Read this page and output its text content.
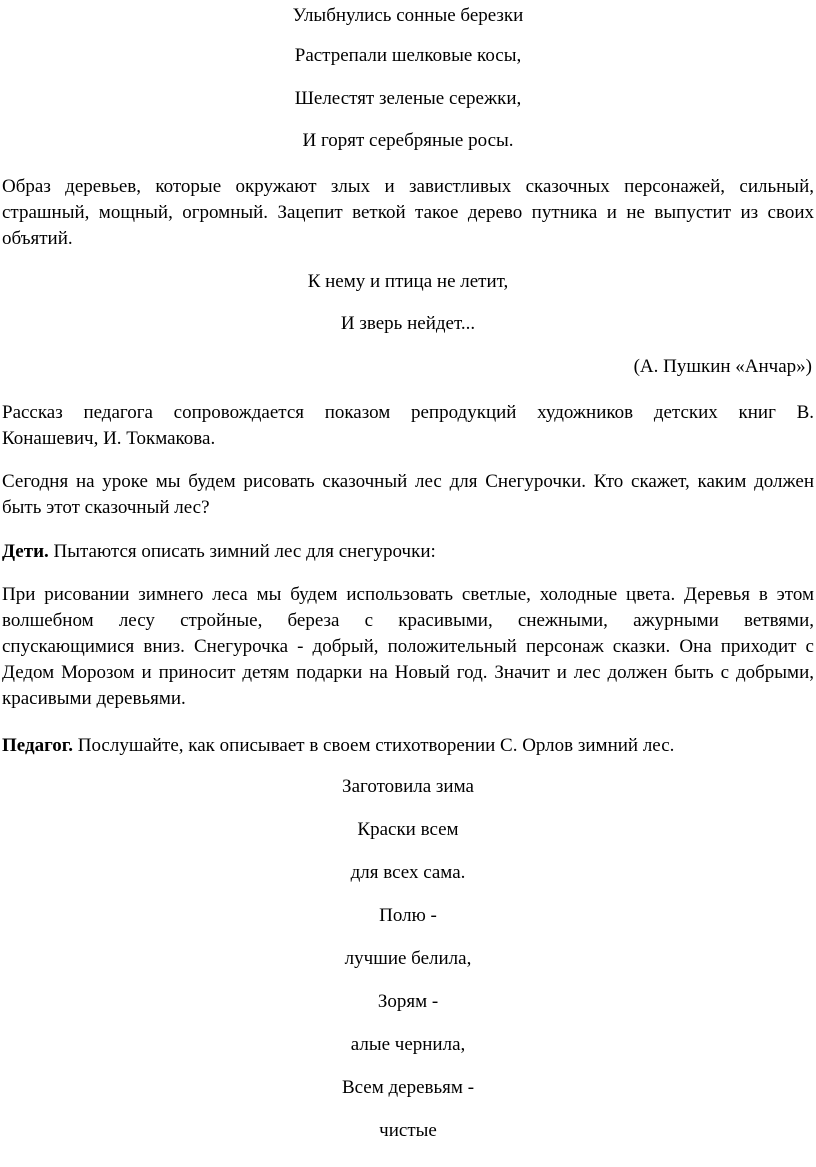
Улыбнулись сонные березки
Растрепали шелковые косы,
Шелестят зеленые сережки,
И горят серебряные росы.
Образ деревьев, которые окружают злых и завистливых сказочных персонажей, сильный,
страшный, мощный, огромный. Зацепит веткой такое дерево путника и не выпустит из своих
объятий.
К нему и птица не летит,
И зверь нейдет...
(А. Пушкин «Анчар»)
Рассказ педагога сопровождается показом репродукций художников детских книг В.
Конашевич, И. Токмакова.
Сегодня на уроке мы будем рисовать сказочный лес для Снегурочки. Кто скажет, каким должен
быть этот сказочный лес?
Дети. Пытаются описать зимний лес для снегурочки:
При рисовании зимнего леса мы будем использовать светлые, холодные цвета. Деревья в этом
волшебном лесу стройные, береза с красивыми, снежными, ажурными ветвями,
спускающимися вниз. Снегурочка - добрый, положительный персонаж сказки. Она приходит с
Дедом Морозом и приносит детям подарки на Новый год. Значит и лес должен быть с добрыми,
красивыми деревьями.
Педагог. Послушайте, как описывает в своем стихотворении С. Орлов зимний лес.
Заготовила зима
Краски всем
для всех сама.
Полю -
лучшие белила,
Зорям -
алые чернила,
Всем деревьям -
чистые
